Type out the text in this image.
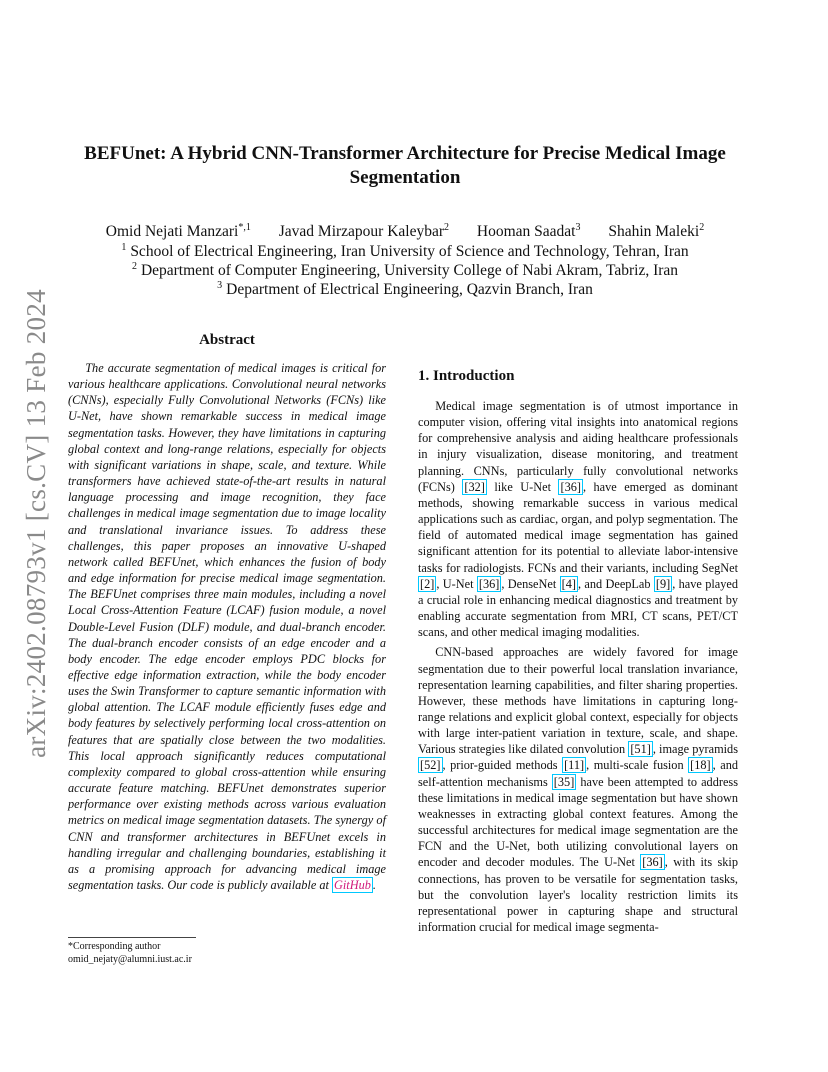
arXiv:2402.08793v1 [cs.CV] 13 Feb 2024
BEFUnet: A Hybrid CNN-Transformer Architecture for Precise Medical Image Segmentation
Omid Nejati Manzari$^{*,1}$ Javad Mirzapour Kaleybar$^2$ Hooman Saadat$^3$ Shahin Maleki$^2$
$^1$ School of Electrical Engineering, Iran University of Science and Technology, Tehran, Iran
$^2$ Department of Computer Engineering, University College of Nabi Akram, Tabriz, Iran
$^3$ Department of Electrical Engineering, Qazvin Branch, Iran
Abstract
The accurate segmentation of medical images is critical for various healthcare applications. Convolutional neural networks (CNNs), especially Fully Convolutional Networks (FCNs) like U-Net, have shown remarkable success in medical image segmentation tasks. However, they have limitations in capturing global context and long-range relations, especially for objects with significant variations in shape, scale, and texture. While transformers have achieved state-of-the-art results in natural language processing and image recognition, they face challenges in medical image segmentation due to image locality and translational invariance issues. To address these challenges, this paper proposes an innovative U-shaped network called BEFUnet, which enhances the fusion of body and edge information for precise medical image segmentation. The BEFUnet comprises three main modules, including a novel Local Cross-Attention Feature (LCAF) fusion module, a novel Double-Level Fusion (DLF) module, and dual-branch encoder. The dual-branch encoder consists of an edge encoder and a body encoder. The edge encoder employs PDC blocks for effective edge information extraction, while the body encoder uses the Swin Transformer to capture semantic information with global attention. The LCAF module efficiently fuses edge and body features by selectively performing local cross-attention on features that are spatially close between the two modalities. This local approach significantly reduces computational complexity compared to global cross-attention while ensuring accurate feature matching. BEFUnet demonstrates superior performance over existing methods across various evaluation metrics on medical image segmentation datasets. The synergy of CNN and transformer architectures in BEFUnet excels in handling irregular and challenging boundaries, establishing it as a promising approach for advancing medical image segmentation tasks. Our code is publicly available at GitHub .
*Corresponding author
omid_nejaty@alumni.iust.ac.ir
1. Introduction

Medical image segmentation is of utmost importance in computer vision, offering vital insights into anatomical regions for comprehensive analysis and aiding healthcare professionals in injury visualization, disease monitoring, and treatment planning. CNNs, particularly fully convolutional networks (FCNs) [32] like U-Net [36] , have emerged as dominant methods, showing remarkable success in various medical applications such as cardiac, organ, and polyp segmentation. The field of automated medical image segmentation has gained significant attention for its potential to alleviate labor-intensive tasks for radiologists. FCNs and their variants, including SegNet [2] , U-Net [36] , DenseNet [4] , and DeepLab [9] , have played a crucial role in enhancing medical diagnostics and treatment by enabling accurate segmentation from MRI, CT scans, PET/CT scans, and other medical imaging modalities.

CNN-based approaches are widely favored for image segmentation due to their powerful local translation invariance, representation learning capabilities, and filter sharing properties. However, these methods have limitations in capturing long-range relations and explicit global context, especially for objects with large inter-patient variation in texture, scale, and shape. Various strategies like dilated convolution [51] , image pyramids [52] , prior-guided methods [11] , multi-scale fusion [18] , and self-attention mechanisms [35] have been attempted to address these limitations in medical image segmentation but have shown weaknesses in extracting global context features. Among the successful architectures for medical image segmentation are the FCN and the U-Net, both utilizing convolutional layers on encoder and decoder modules. The U-Net [36] , with its skip connections, has proven to be versatile for segmentation tasks, but the convolution layer's locality restriction limits its representational power in capturing shape and structural information crucial for medical image segmenta-
